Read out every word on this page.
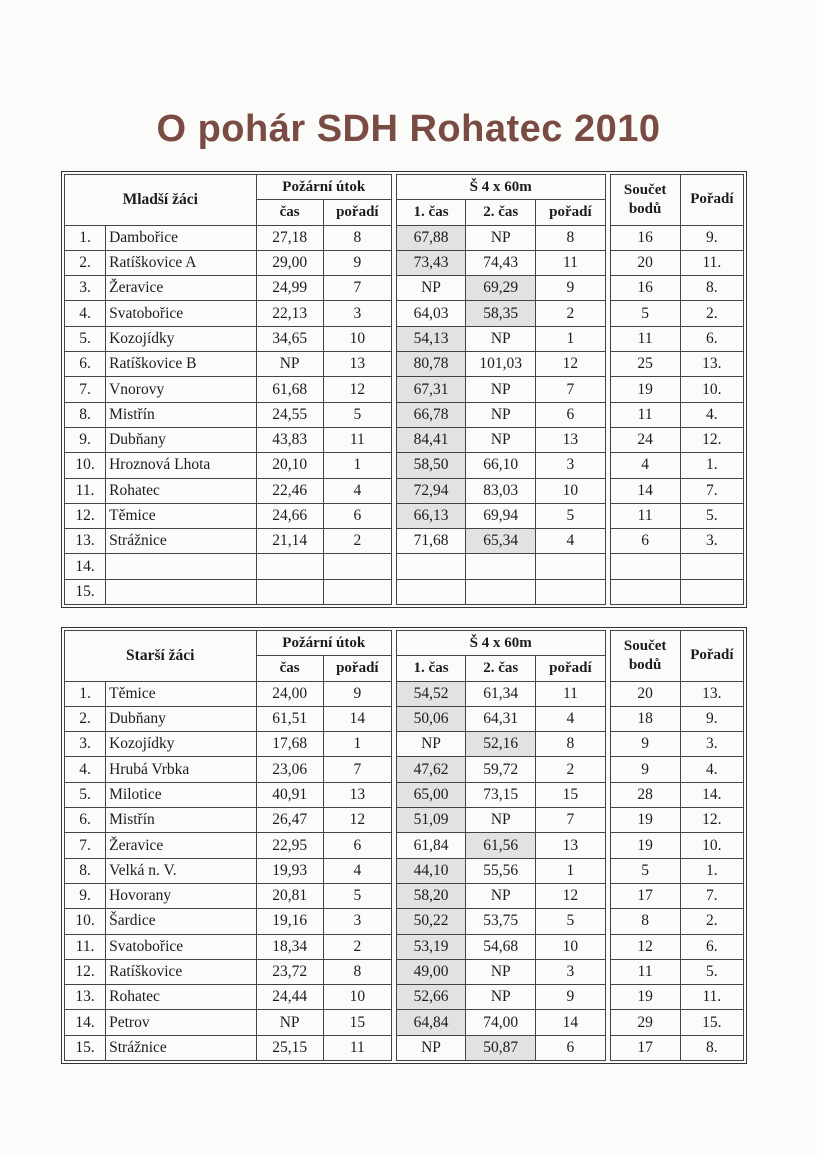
O pohár SDH Rohatec 2010
Mladší žáci		Požární útok			Š 4 x 60m				Součet
bodů	Pořadí
		čas	pořadí		1. čas	2. čas	pořadí			
1.	Dambořice	27,18	8		67,88	NP	8		16	9.
2.	Ratíškovice A	29,00	9		73,43	74,43	11		20	11.
3.	Žeravice	24,99	7		NP	69,29	9		16	8.
4.	Svatobořice	22,13	3		64,03	58,35	2		5	2.
5.	Kozojídky	34,65	10		54,13	NP	1		11	6.
6.	Ratíškovice B	NP	13		80,78	101,03	12		25	13.
7.	Vnorovy	61,68	12		67,31	NP	7		19	10.
8.	Mistřín	24,55	5		66,78	NP	6		11	4.
9.	Dubňany	43,83	11		84,41	NP	13		24	12.
10.	Hroznová Lhota	20,10	1		58,50	66,10	3		4	1.
11.	Rohatec	22,46	4		72,94	83,03	10		14	7.
12.	Těmice	24,66	6		66,13	69,94	5		11	5.
13.	Strážnice	21,14	2		71,68	65,34	4		6	3.
14.										
15.										
Starší žáci		Požární útok			Š 4 x 60m				Součet
bodů	Pořadí
		čas	pořadí		1. čas	2. čas	pořadí			
1.	Těmice	24,00	9		54,52	61,34	11		20	13.
2.	Dubňany	61,51	14		50,06	64,31	4		18	9.
3.	Kozojídky	17,68	1		NP	52,16	8		9	3.
4.	Hrubá Vrbka	23,06	7		47,62	59,72	2		9	4.
5.	Milotice	40,91	13		65,00	73,15	15		28	14.
6.	Mistřín	26,47	12		51,09	NP	7		19	12.
7.	Žeravice	22,95	6		61,84	61,56	13		19	10.
8.	Velká n. V.	19,93	4		44,10	55,56	1		5	1.
9.	Hovorany	20,81	5		58,20	NP	12		17	7.
10.	Šardice	19,16	3		50,22	53,75	5		8	2.
11.	Svatobořice	18,34	2		53,19	54,68	10		12	6.
12.	Ratíškovice	23,72	8		49,00	NP	3		11	5.
13.	Rohatec	24,44	10		52,66	NP	9		19	11.
14.	Petrov	NP	15		64,84	74,00	14		29	15.
15.	Strážnice	25,15	11		NP	50,87	6		17	8.
